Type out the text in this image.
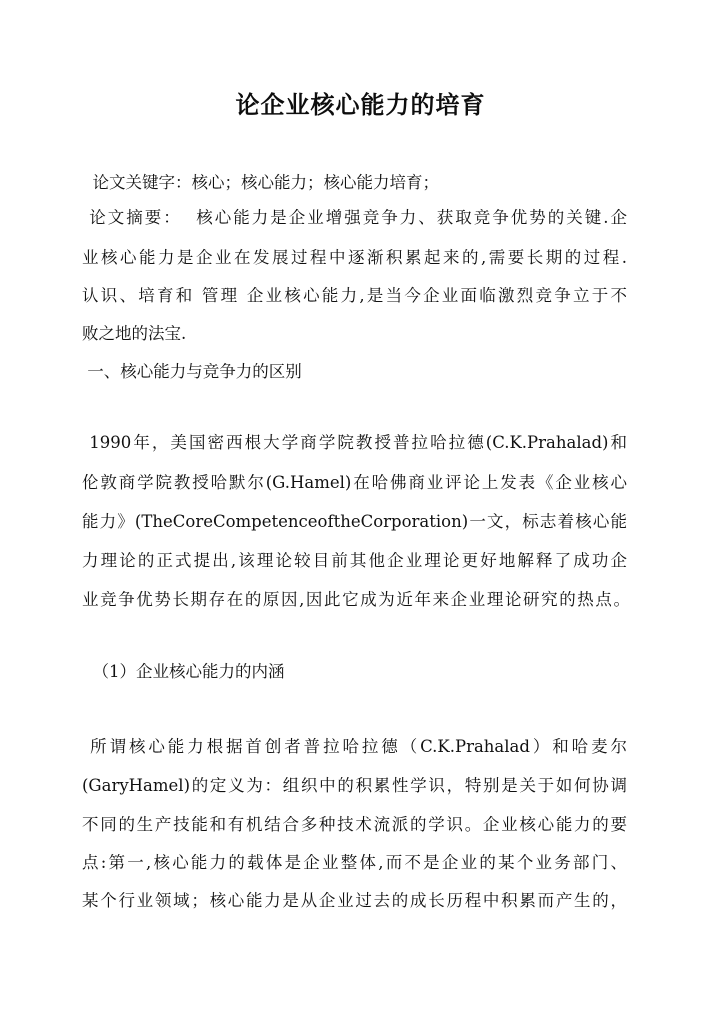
论企业核心能力的培育
论文关键字：核心；核心能力；核心能力培育；
论文摘要：  核心能力是企业增强竞争力、获取竞争优势的关键.企
业核心能力是企业在发展过程中逐渐积累起来的,需要长期的过程.
认识、培育和 管理 企业核心能力,是当今企业面临激烈竞争立于不
败之地的法宝.
一、核心能力与竞争力的区别
1990年，美国密西根大学商学院教授普拉哈拉德(C.K.Prahalad)和
伦敦商学院教授哈默尔(G.Hamel)在哈佛商业评论上发表《企业核心
能力》(TheCoreCompetenceoftheCorporation)一文，标志着核心能
力理论的正式提出,该理论较目前其他企业理论更好地解释了成功企
业竞争优势长期存在的原因,因此它成为近年来企业理论研究的热点。
（1）企业核心能力的内涵
所谓核心能力根据首创者普拉哈拉德（C.K.Prahalad）和哈麦尔
(GaryHamel)的定义为：组织中的积累性学识，特别是关于如何协调
不同的生产技能和有机结合多种技术流派的学识。企业核心能力的要
点:第一,核心能力的载体是企业整体,而不是企业的某个业务部门、
某个行业领域；核心能力是从企业过去的成长历程中积累而产生的，
